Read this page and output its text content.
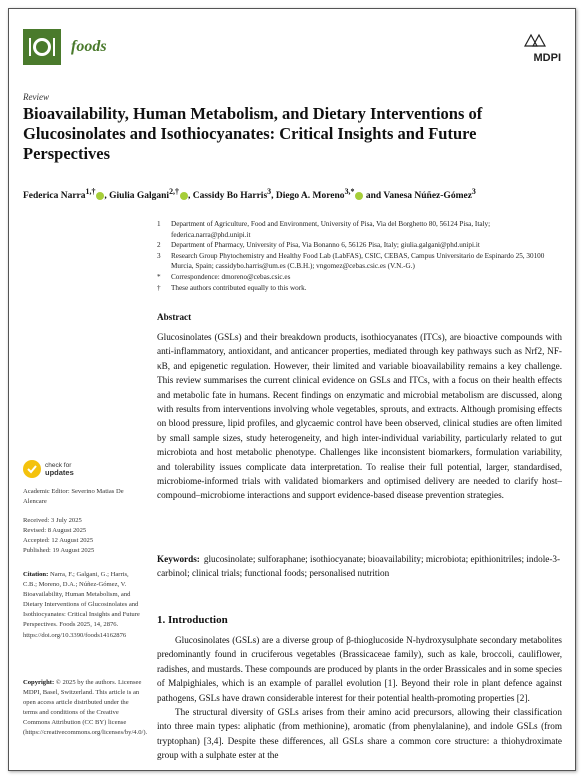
foods
MDPI
Review
Bioavailability, Human Metabolism, and Dietary Interventions of Glucosinolates and Isothiocyanates: Critical Insights and Future Perspectives
Federica Narra$^{1,\dagger}$ , Giulia Galgani$^{2,\dagger}$ , Cassidy Bo Harris$^3$, Diego A. Moreno$^{3,*}$ and Vanesa Núñez-Gómez$^3$
1	Department of Agriculture, Food and Environment, University of Pisa, Via del Borghetto 80, 56124 Pisa, Italy; federica.narra@phd.unipi.it
2	Department of Pharmacy, University of Pisa, Via Bonanno 6, 56126 Pisa, Italy; giulia.galgani@phd.unipi.it
3	Research Group Phytochemistry and Healthy Food Lab (LabFAS), CSIC, CEBAS, Campus Universitario de Espinardo 25, 30100 Murcia, Spain; cassidybo.harris@um.es (C.B.H.); vngomez@cebas.csic.es (V.N.-G.)
*	Correspondence: dmoreno@cebas.csic.es
†	These authors contributed equally to this work.
Abstract
Glucosinolates (GSLs) and their breakdown products, isothiocyanates (ITCs), are bioactive compounds with anti-inflammatory, antioxidant, and anticancer properties, mediated through key pathways such as Nrf2, NF-κB, and epigenetic regulation. However, their limited and variable bioavailability remains a key challenge. This review summarises the current clinical evidence on GSLs and ITCs, with a focus on their health effects and metabolic fate in humans. Recent findings on enzymatic and microbial metabolism are discussed, along with results from interventions involving whole vegetables, sprouts, and extracts. Although promising effects on blood pressure, lipid profiles, and glycaemic control have been observed, clinical studies are often limited by small sample sizes, study heterogeneity, and high inter-individual variability, particularly related to gut microbiota and host metabolic phenotype. Challenges like inconsistent biomarkers, formulation variability, and tolerability issues complicate data interpretation. To realise their full potential, larger, standardised, microbiome-informed trials with validated biomarkers and optimised delivery are needed to clarify host–compound–microbiome interactions and support evidence-based disease prevention strategies.
Keywords: glucosinolate; sulforaphane; isothiocyanate; bioavailability; microbiota; epithionitriles; indole-3-carbinol; clinical trials; functional foods; personalised nutrition
check for
updates
Academic Editor: Severino Matias De Alencare
Received: 3 July 2025
Revised: 8 August 2025
Accepted: 12 August 2025
Published: 19 August 2025
Citation: Narra, F.; Galgani, G.; Harris, C.B.; Moreno, D.A.; Núñez-Gómez, V. Bioavailability, Human Metabolism, and Dietary Interventions of Glucosinolates and Isothiocyanates: Critical Insights and Future Perspectives. Foods 2025, 14, 2876. https://doi.org/10.3390/foods14162876
Copyright: © 2025 by the authors. Licensee MDPI, Basel, Switzerland. This article is an open access article distributed under the terms and conditions of the Creative Commons Attribution (CC BY) license (https://creativecommons.org/licenses/by/4.0/).
1. Introduction

Glucosinolates (GSLs) are a diverse group of β-thioglucoside N-hydroxysulphate secondary metabolites predominantly found in cruciferous vegetables (Brassicaceae family), such as kale, broccoli, cauliflower, radishes, and mustards. These compounds are produced by plants in the order Brassicales and in some species of Malpighiales, which is an example of parallel evolution [1]. Beyond their role in plant defence against pathogens, GSLs have drawn considerable interest for their potential health-promoting properties [2].

The structural diversity of GSLs arises from their amino acid precursors, allowing their classification into three main types: aliphatic (from methionine), aromatic (from phenylalanine), and indole GSLs (from tryptophan) [3,4]. Despite these differences, all GSLs share a common core structure: a thiohydroximate group with a sulphate ester at the
